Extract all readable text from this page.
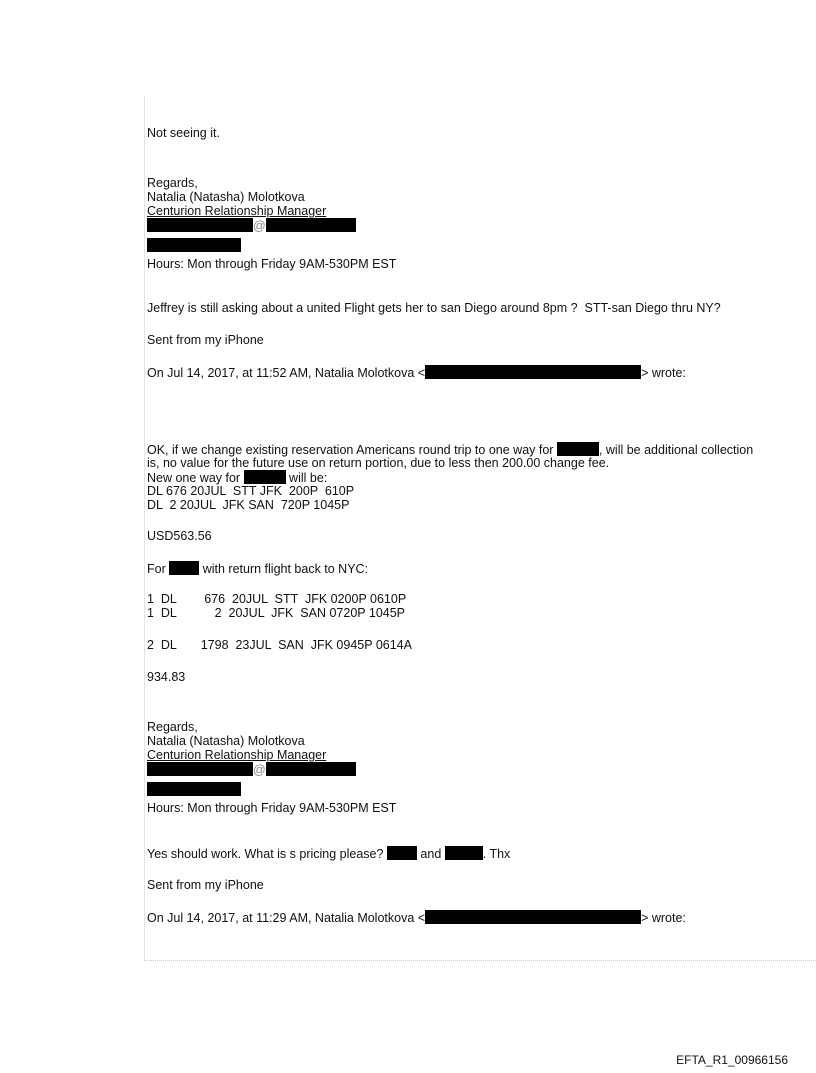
Not seeing it.
Regards,
Natalia (Natasha) Molotkova
Centurion Relationship Manager
@
Hours: Mon through Friday 9AM-530PM EST
Jeffrey is still asking about a united Flight gets her to san Diego around 8pm ?  STT-san Diego thru NY?
Sent from my iPhone
On Jul 14, 2017, at 11:52 AM, Natalia Molotkova <	> wrote:
OK, if we change existing reservation Americans round trip to one way for	, will be additional collection
is, no value for the future use on return portion, due to less then 200.00 change fee.
New one way for	will be:
DL 676 20JUL  STT JFK  200P  610P
DL  2 20JUL  JFK SAN  720P 1045P
USD563.56
For  with return flight back to NYC:
1  DL        676  20JUL  STT  JFK 0200P 0610P
1  DL           2  20JUL  JFK  SAN 0720P 1045P
2  DL       1798  23JUL  SAN  JFK 0945P 0614A
934.83
Regards,
Natalia (Natasha) Molotkova
Centurion Relationship Manager
@
Hours: Mon through Friday 9AM-530PM EST
Yes should work. What is s pricing please?  and	. Thx
Sent from my iPhone
On Jul 14, 2017, at 11:29 AM, Natalia Molotkova <	> wrote:
EFTA_R1_00966156
